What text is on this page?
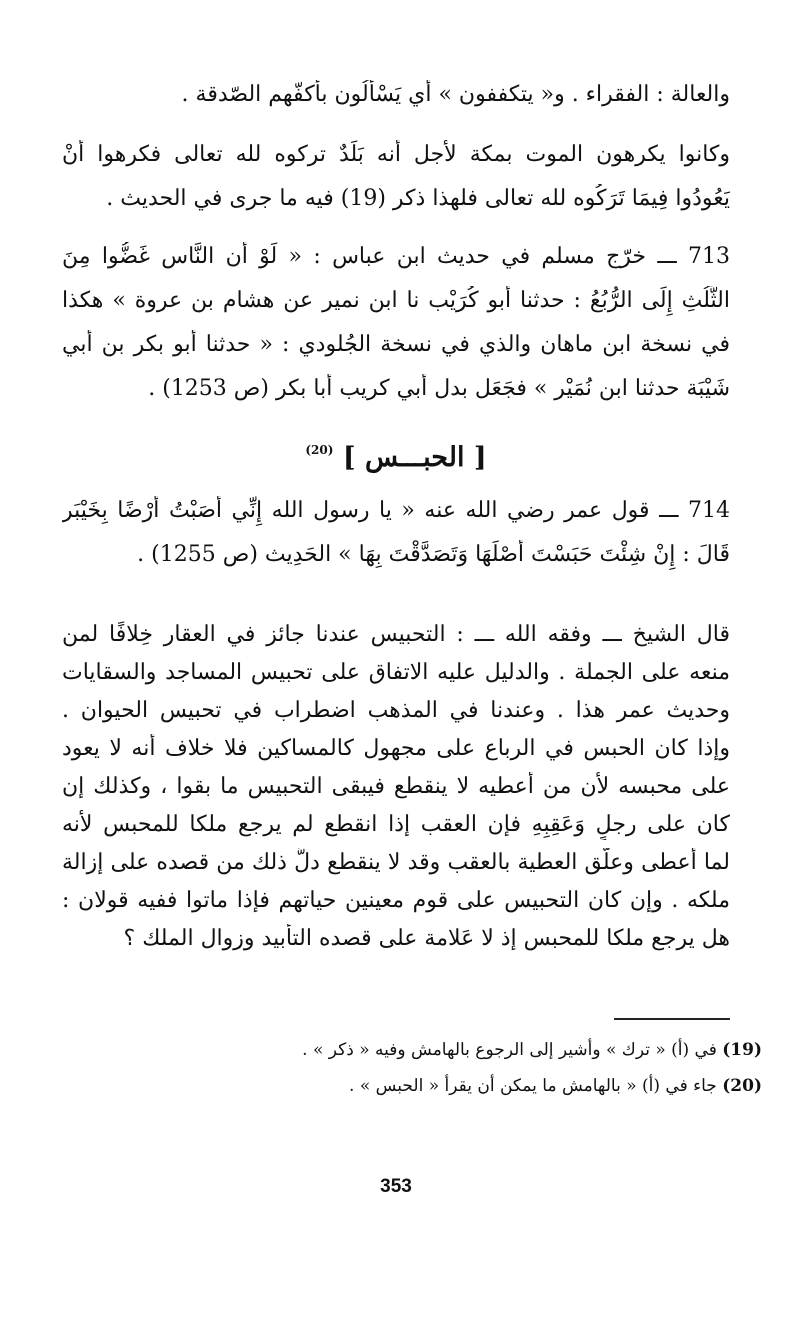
والعالة : الفقراء . و« يتكففون » أي يَسْأَلُون بأَكفّهم الصّدقة .
وكانوا يكرهون الموت بمكة لأجل أنه بَلَدٌ تركوه لله تعالى فكرهوا أنْ
يَعُودُوا فِيمَا تَرَكُوه لله تعالى فلهذا ذكر (19) فيه ما جرى في الحديث .
713 ـــ خرّج مسلم في حديث ابن عباس : « لَوْ أن النَّاس غَضُّوا مِنَ
الثُّلُثِ إِلَى الرُّبُعُ : حدثنا أبو كُرَيْب نا ابن نمير عن هشام بن عروة » هكذا
في نسخة ابن ماهان والذي في نسخة الجُلودي : « حدثنا أبو بكر بن أبي
شَيْبَة حدثنا ابن نُمَيْر » فجَعَل بدل أبي كريب أبا بكر (ص 1253) .
[ الحبـــس ] $^{(20)}$
714 ـــ قول عمر رضي الله عنه « يا رسول الله إِنِّي أَصَبْتُ أَرْضًا بِخَيْبَر
قَالَ : إِنْ شِئْتَ حَبَسْتَ أَصْلَهَا وَتَصَدَّقْتَ بِهَا » الحَدِيث (ص 1255) .
قال الشيخ ـــ وفقه الله ـــ : التحبيس عندنا جائز في العقار خِلافًا لمن
منعه على الجملة . والدليل عليه الاتفاق على تحبيس المساجد والسقايات
وحديث عمر هذا . وعندنا في المذهب اضطراب في تحبيس الحيوان .
وإذا كان الحبس في الرباع على مجهول كالمساكين فلا خلاف أنه لا يعود
على محبسه لأن من أُعطيه لا ينقطع فيبقى التحبيس ما بقوا ، وكذلك إن
كان على رجلٍ وَعَقِبِهِ فإن العقب إذا انقطع لم يرجع ملكا للمحبس لأنه
لما أعطى وعلّق العطية بالعقب وقد لا ينقطع دلَّ ذلك من قصده على إزالة
ملكه . وإن كان التحبيس على قوم معينين حياتهم فإذا ماتوا ففيه قولان :
هل يرجع ملكا للمحبس إذ لا عَلامة على قصده التأْبيد وزوال الملك ؟
(19) في (أ) « ترك » وأشير إلى الرجوع بالهامش وفيه « ذكر » .
(20) جاء في (أ) « بالهامش ما يمكن أن يقرأ « الحبس » .
353
